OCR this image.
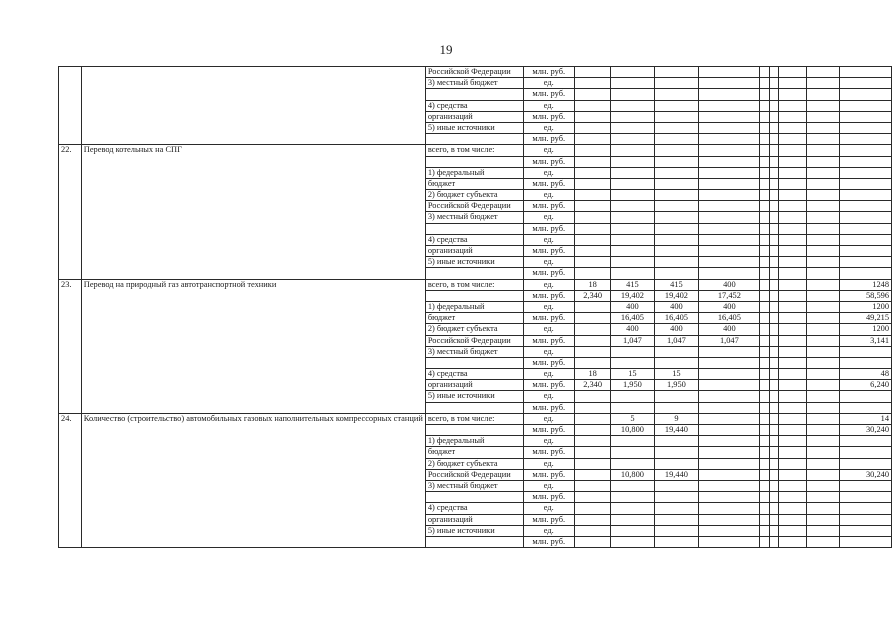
19
		Российской Федерации	млн. руб.									
		3) местный бюджет	ед.									
			млн. руб.									
		4) средства	ед.									
		организаций	млн. руб.									
		5) иные источники	ед.									
			млн. руб.									
22.	Перевод котельных на СПГ	всего, в том числе:	ед.									
			млн. руб.									
		1) федеральный	ед.									
		бюджет	млн. руб.									
		2) бюджет субъекта	ед.									
		Российской Федерации	млн. руб.									
		3) местный бюджет	ед.									
			млн. руб.									
		4) средства	ед.									
		организаций	млн. руб.									
		5) иные источники	ед.									
			млн. руб.									
23.	Перевод на природный газ автотранспортной техники	всего, в том числе:	ед.	18	415	415	400					1248
			млн. руб.	2,340	19,402	19,402	17,452					58,596
		1) федеральный	ед.		400	400	400					1200
		бюджет	млн. руб.		16,405	16,405	16,405					49,215
		2) бюджет субъекта	ед.		400	400	400					1200
		Российской Федерации	млн. руб.		1,047	1,047	1,047					3,141
		3) местный бюджет	ед.									
			млн. руб.									
		4) средства	ед.	18	15	15						48
		организаций	млн. руб.	2,340	1,950	1,950						6,240
		5) иные источники	ед.									
			млн. руб.									
24.	Количество (строительство) автомобильных газовых наполнительных компрессорных станций	всего, в том числе:	ед.		5	9						14
			млн. руб.		10,800	19,440						30,240
		1) федеральный	ед.									
		бюджет	млн. руб.									
		2) бюджет субъекта	ед.									
		Российской Федерации	млн. руб.		10,800	19,440						30,240
		3) местный бюджет	ед.									
			млн. руб.									
		4) средства	ед.									
		организаций	млн. руб.									
		5) иные источники	ед.									
			млн. руб.									
